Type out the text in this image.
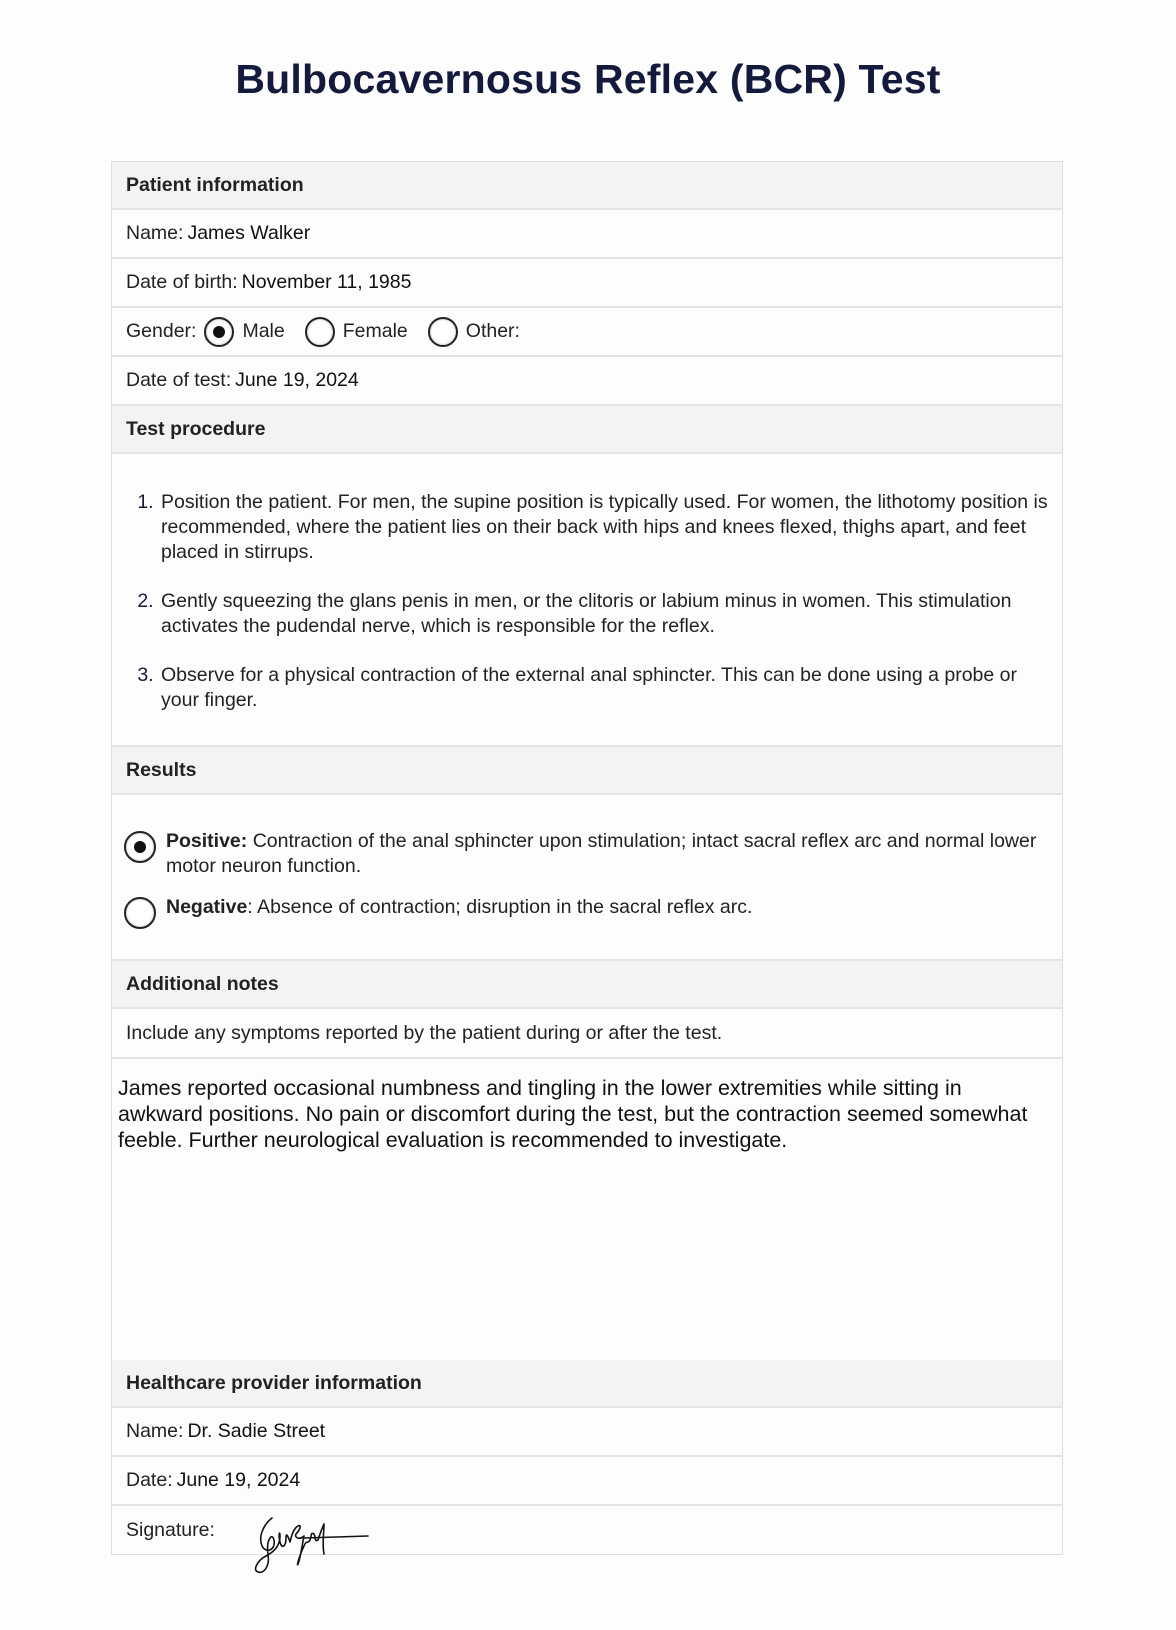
Bulbocavernosus Reflex (BCR) Test
Patient information
Name: James Walker
Date of birth: November 11, 1985
Gender: Male	Female	Other:
Date of test: June 19, 2024
Test procedure
1. Position the patient. For men, the supine position is typically used. For women, the lithotomy position is recommended, where the patient lies on their back with hips and knees flexed, thighs apart, and feet placed in stirrups.
2. Gently squeezing the glans penis in men, or the clitoris or labium minus in women. This stimulation activates the pudendal nerve, which is responsible for the reflex.
3. Observe for a physical contraction of the external anal sphincter. This can be done using a probe or your finger.
Results
Positive: Contraction of the anal sphincter upon stimulation; intact sacral reflex arc and normal lower motor neuron function.
Negative: Absence of contraction; disruption in the sacral reflex arc.
Additional notes
Include any symptoms reported by the patient during or after the test.
James reported occasional numbness and tingling in the lower extremities while sitting in awkward positions. No pain or discomfort during the test, but the contraction seemed somewhat feeble. Further neurological evaluation is recommended to investigate.
Healthcare provider information
Name: Dr. Sadie Street
Date: June 19, 2024
Signature:
